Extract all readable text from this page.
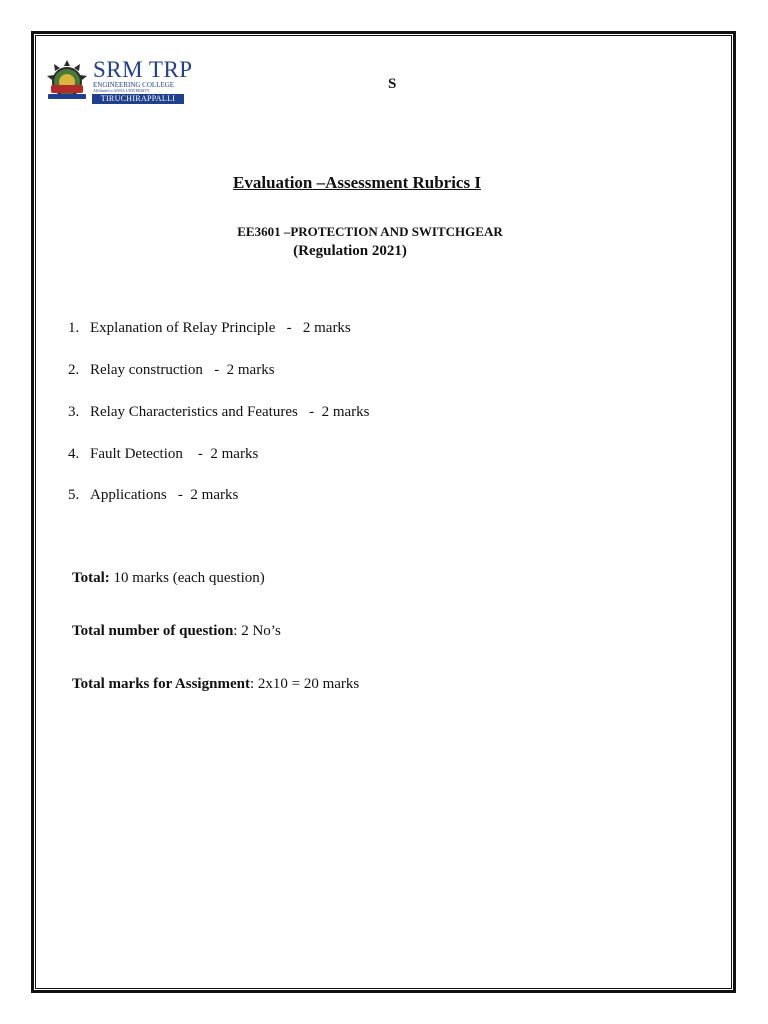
SRM TRP
ENGINEERING COLLEGE
Affiliated to ANNA UNIVERSITY
TIRUCHIRAPPALLI
S
Evaluation –Assessment Rubrics I
EE3601 –PROTECTION AND SWITCHGEAR
(Regulation 2021)
1. Explanation of Relay Principle   -   2 marks
2. Relay construction   -  2 marks
3. Relay Characteristics and Features   -  2 marks
4. Fault Detection    -  2 marks
5. Applications   -  2 marks
Total: 10 marks (each question)
Total number of question: 2 No’s
Total marks for Assignment: 2x10 = 20 marks
